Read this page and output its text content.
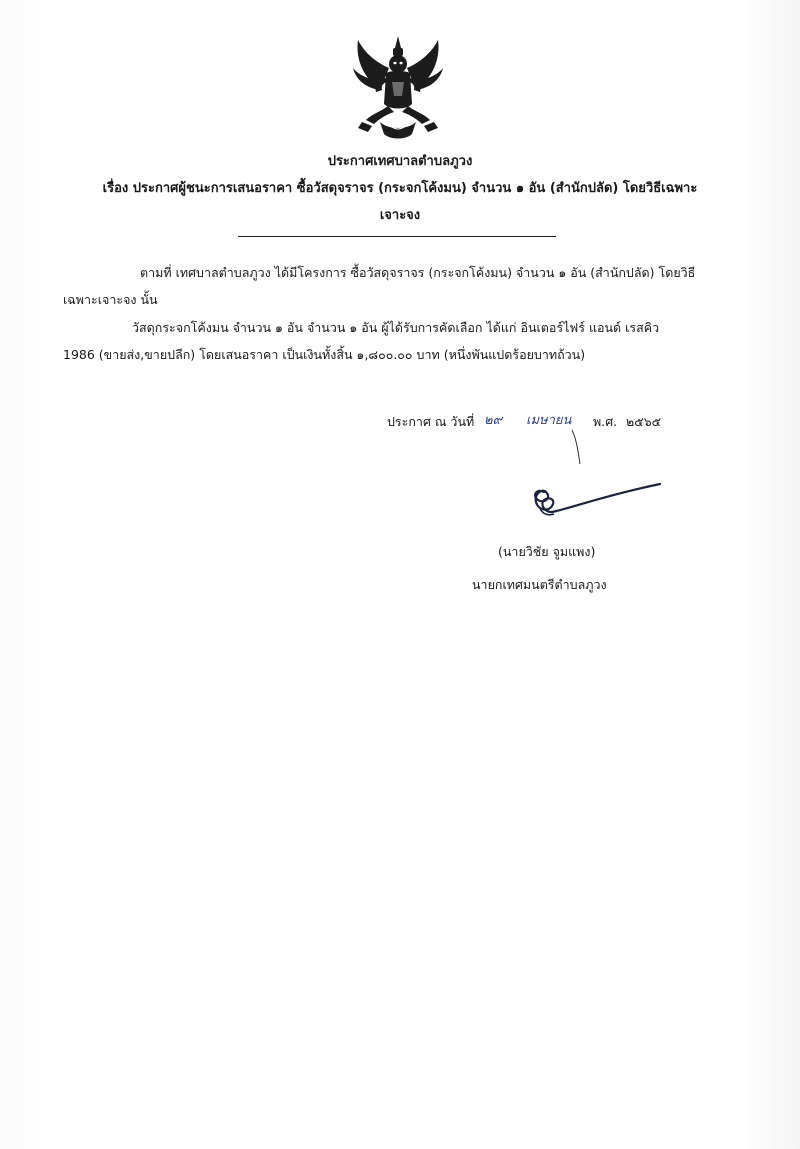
ประกาศเทศบาลตำบลภูวง
เรื่อง ประกาศผู้ชนะการเสนอราคา ซื้อวัสดุจราจร (กระจกโค้งมน) จำนวน ๑ อัน (สำนักปลัด) โดยวิธีเฉพาะ
เจาะจง
ตามที่ เทศบาลตำบลภูวง ได้มีโครงการ ซื้อวัสดุจราจร (กระจกโค้งมน) จำนวน ๑ อัน (สำนักปลัด) โดยวิธี
เฉพาะเจาะจง นั้น
วัสดุกระจกโค้งมน จำนวน ๑ อัน จำนวน ๑ อัน ผู้ได้รับการคัดเลือก ได้แก่ อินเตอร์ไฟร์ แอนด์ เรสคิว
1986 (ขายส่ง,ขายปลีก) โดยเสนอราคา เป็นเงินทั้งสิ้น ๑,๘๐๐.๐๐ บาท (หนึ่งพันแปดร้อยบาทถ้วน)
ประกาศ ณ วันที่ ๒๙ เมษายน พ.ศ. ๒๕๖๕
(นายวิชัย จูมแพง)
นายกเทศมนตรีตำบลภูวง
